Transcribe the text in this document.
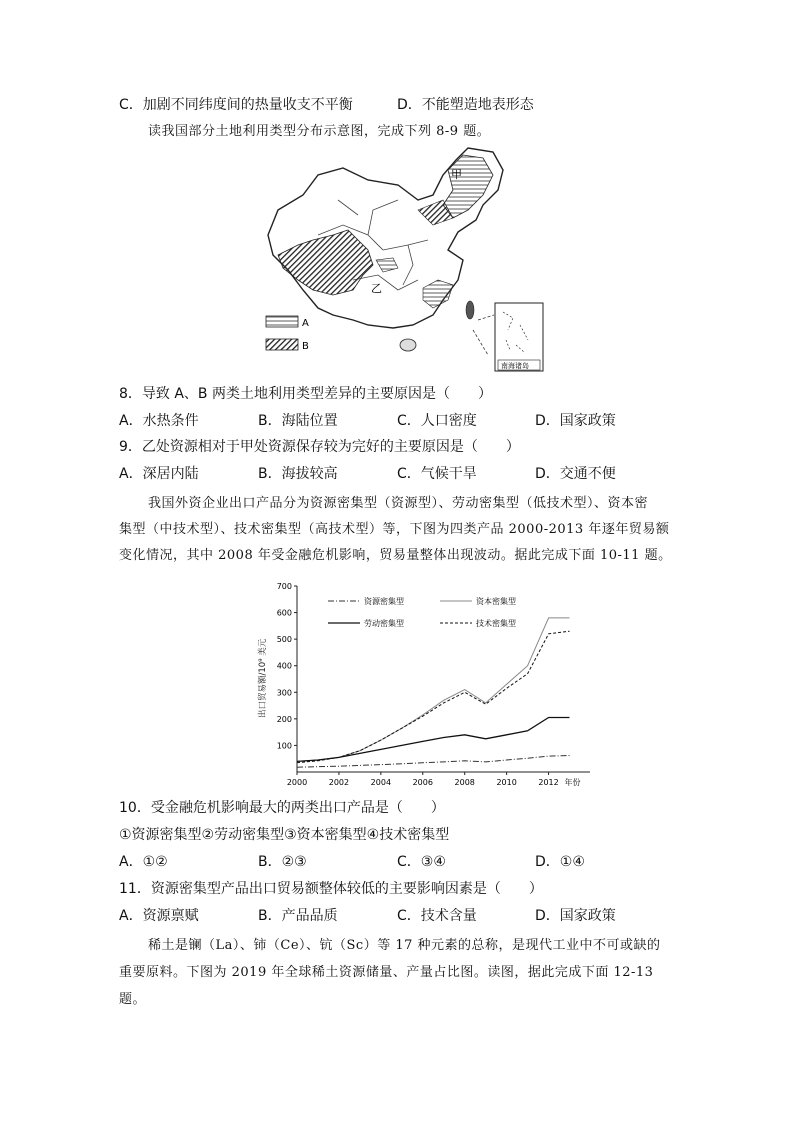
C．加剧不同纬度间的热量收支不平衡	D．不能塑造地表形态
读我国部分土地利用类型分布示意图，完成下列 8-9 题。
甲
乙
A
B
南海诸岛
8．导致 A、B 两类土地利用类型差异的主要原因是（　　）
A．水热条件	B．海陆位置	C．人口密度	D．国家政策
9．乙处资源相对于甲处资源保存较为完好的主要原因是（　　）
A．深居内陆	B．海拔较高	C．气候干旱	D．交通不便
我国外资企业出口产品分为资源密集型（资源型）、劳动密集型（低技术型）、资本密
集型（中技术型）、技术密集型（高技术型）等，下图为四类产品 2000-2013 年逐年贸易额
变化情况，其中 2008 年受金融危机影响，贸易量整体出现波动。据此完成下面 10-11 题。
出口贸易额/10⁹ 美元
100
200
300
400
500
600
700
2000	2002	2004	2006	2008	2010	2012 年份
资源密集型	资本密集型
劳动密集型	技术密集型
10．受金融危机影响最大的两类出口产品是（　　）
①资源密集型②劳动密集型③资本密集型④技术密集型
A．①②	B．②③	C．③④	D．①④
11．资源密集型产品出口贸易额整体较低的主要影响因素是（　　）
A．资源禀赋	B．产品品质	C．技术含量	D．国家政策
稀土是镧（La）、铈（Ce）、钪（Sc）等 17 种元素的总称，是现代工业中不可或缺的
重要原料。下图为 2019 年全球稀土资源储量、产量占比图。读图，据此完成下面 12-13
题。
